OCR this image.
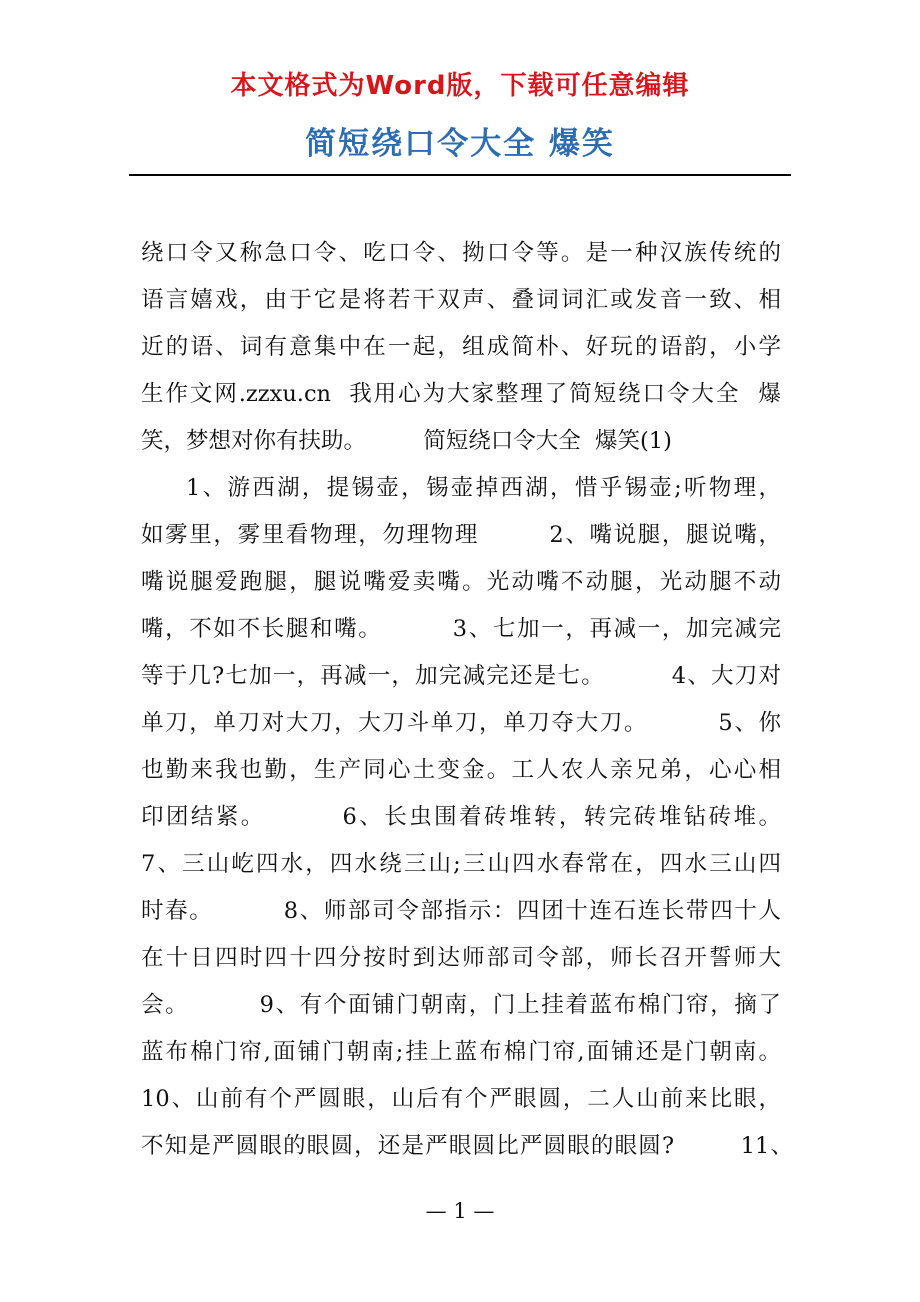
本文格式为Word版，下载可任意编辑
简短绕口令大全 爆笑
绕口令又称急口令、吃口令、拗口令等。是一种汉族传统的
语言嬉戏，由于它是将若干双声、叠词词汇或发音一致、相
近的语、词有意集中在一起，组成简朴、好玩的语韵，小学
生作文网.zzxu.cn  我用心为大家整理了简短绕口令大全  爆
笑，梦想对你有扶助。        简短绕口令大全  爆笑(1)
1、游西湖，提锡壶，锡壶掉西湖，惜乎锡壶;听物理，
如雾里，雾里看物理，勿理物理        2、嘴说腿，腿说嘴，
嘴说腿爱跑腿，腿说嘴爱卖嘴。光动嘴不动腿，光动腿不动
嘴，不如不长腿和嘴。        3、七加一，再减一，加完减完
等于几?七加一，再减一，加完减完还是七。        4、大刀对
单刀，单刀对大刀，大刀斗单刀，单刀夺大刀。        5、你
也勤来我也勤，生产同心土变金。工人农人亲兄弟，心心相
印团结紧。        6、长虫围着砖堆转，转完砖堆钻砖堆。
7、三山屹四水，四水绕三山;三山四水春常在，四水三山四
时春。        8、师部司令部指示：四团十连石连长带四十人
在十日四时四十四分按时到达师部司令部，师长召开誓师大
会。        9、有个面铺门朝南，门上挂着蓝布棉门帘，摘了
蓝布棉门帘,面铺门朝南;挂上蓝布棉门帘,面铺还是门朝南。
10、山前有个严圆眼，山后有个严眼圆，二人山前来比眼，
不知是严圆眼的眼圆，还是严眼圆比严圆眼的眼圆?        11、
— 1 —
